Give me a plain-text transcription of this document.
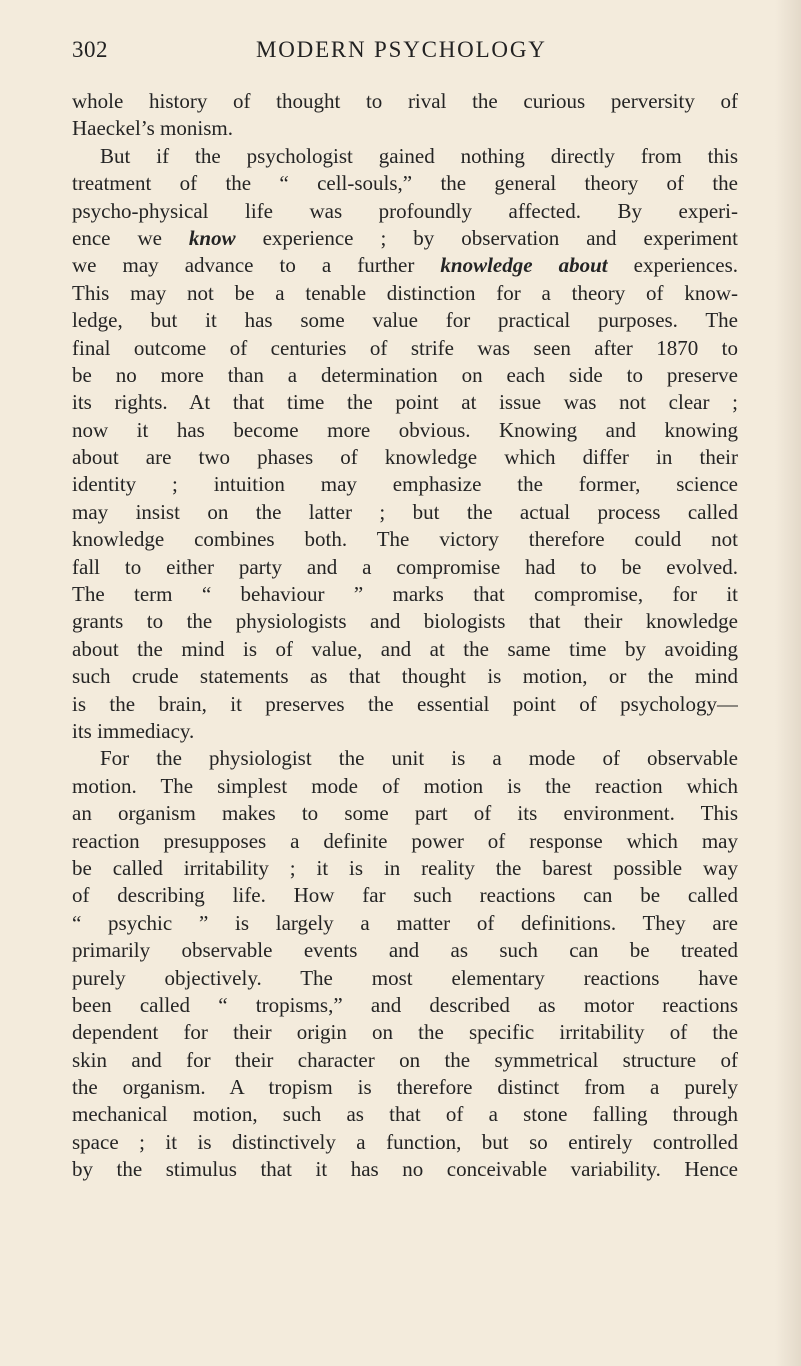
302	MODERN PSYCHOLOGY
whole history of thought to rival the curious perversity of
Haeckel’s monism.
But if the psychologist gained nothing directly from this
treatment of the “ cell-souls,” the general theory of the
psycho-physical life was profoundly affected. By experi-
ence we know experience ; by observation and experiment
we may advance to a further knowledge about experiences.
This may not be a tenable distinction for a theory of know-
ledge, but it has some value for practical purposes. The
final outcome of centuries of strife was seen after 1870 to
be no more than a determination on each side to preserve
its rights. At that time the point at issue was not clear ;
now it has become more obvious. Knowing and knowing
about are two phases of knowledge which differ in their
identity ; intuition may emphasize the former, science
may insist on the latter ; but the actual process called
knowledge combines both. The victory therefore could not
fall to either party and a compromise had to be evolved.
The term “ behaviour ” marks that compromise, for it
grants to the physiologists and biologists that their knowledge
about the mind is of value, and at the same time by avoiding
such crude statements as that thought is motion, or the mind
is the brain, it preserves the essential point of psychology—
its immediacy.
For the physiologist the unit is a mode of observable
motion. The simplest mode of motion is the reaction which
an organism makes to some part of its environment. This
reaction presupposes a definite power of response which may
be called irritability ; it is in reality the barest possible way
of describing life. How far such reactions can be called
“ psychic ” is largely a matter of definitions. They are
primarily observable events and as such can be treated
purely objectively. The most elementary reactions have
been called “ tropisms,” and described as motor reactions
dependent for their origin on the specific irritability of the
skin and for their character on the symmetrical structure of
the organism. A tropism is therefore distinct from a purely
mechanical motion, such as that of a stone falling through
space ; it is distinctively a function, but so entirely controlled
by the stimulus that it has no conceivable variability. Hence
